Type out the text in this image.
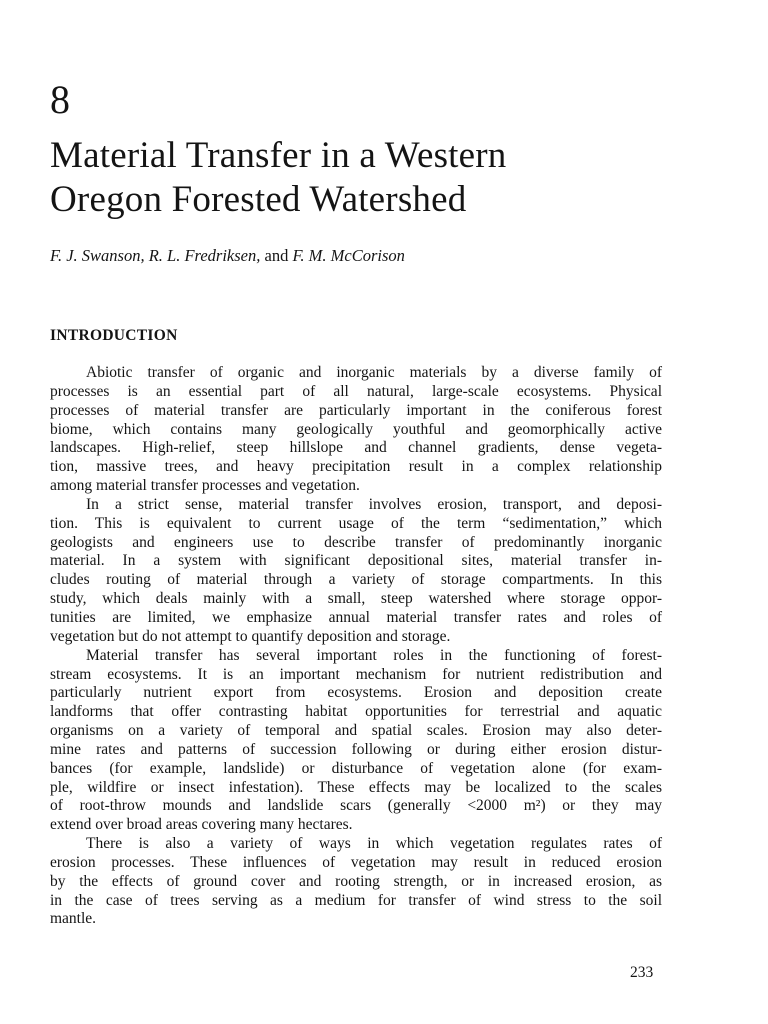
8
Material Transfer in a Western
Oregon Forested Watershed

F. J. Swanson, R. L. Fredriksen, and F. M. McCorison

INTRODUCTION
Abiotic transfer of organic and inorganic materials by a diverse family of
processes is an essential part of all natural, large-scale ecosystems. Physical
processes of material transfer are particularly important in the coniferous forest
biome, which contains many geologically youthful and geomorphically active
landscapes. High-relief, steep hillslope and channel gradients, dense vegeta-
tion, massive trees, and heavy precipitation result in a complex relationship
among material transfer processes and vegetation.
In a strict sense, material transfer involves erosion, transport, and deposi-
tion. This is equivalent to current usage of the term “sedimentation,” which
geologists and engineers use to describe transfer of predominantly inorganic
material. In a system with significant depositional sites, material transfer in-
cludes routing of material through a variety of storage compartments. In this
study, which deals mainly with a small, steep watershed where storage oppor-
tunities are limited, we emphasize annual material transfer rates and roles of
vegetation but do not attempt to quantify deposition and storage.
Material transfer has several important roles in the functioning of forest-
stream ecosystems. It is an important mechanism for nutrient redistribution and
particularly nutrient export from ecosystems. Erosion and deposition create
landforms that offer contrasting habitat opportunities for terrestrial and aquatic
organisms on a variety of temporal and spatial scales. Erosion may also deter-
mine rates and patterns of succession following or during either erosion distur-
bances (for example, landslide) or disturbance of vegetation alone (for exam-
ple, wildfire or insect infestation). These effects may be localized to the scales
of root-throw mounds and landslide scars (generally <2000 m²) or they may
extend over broad areas covering many hectares.
There is also a variety of ways in which vegetation regulates rates of
erosion processes. These influences of vegetation may result in reduced erosion
by the effects of ground cover and rooting strength, or in increased erosion, as
in the case of trees serving as a medium for transfer of wind stress to the soil
mantle.

233
